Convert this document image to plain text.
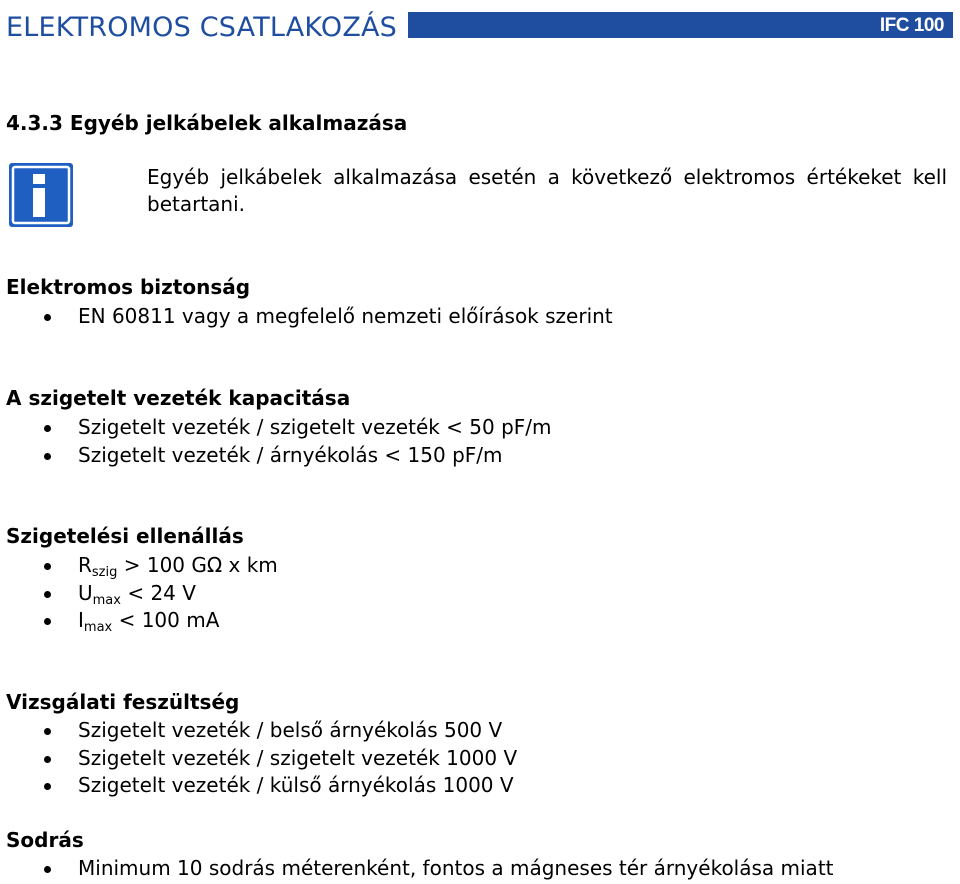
ELEKTROMOS CSATLAKOZÁS	IFC 100
4.3.3 Egyéb jelkábelek alkalmazása
Egyéb jelkábelek alkalmazása esetén a következő elektromos értékeket kell betartani.
Elektromos biztonság
EN 60811 vagy a megfelelő nemzeti előírások szerint
A szigetelt vezeték kapacitása
Szigetelt vezeték / szigetelt vezeték < 50 pF/m
Szigetelt vezeték / árnyékolás < 150 pF/m
Szigetelési ellenállás
$R_{szig} > 100$ GΩ x km
$U_{max} < 24$ V
$I_{max} < 100$ mA
Vizsgálati feszültség
Szigetelt vezeték / belső árnyékolás 500 V
Szigetelt vezeték / szigetelt vezeték 1000 V
Szigetelt vezeték / külső árnyékolás 1000 V
Sodrás
Minimum 10 sodrás méterenként, fontos a mágneses tér árnyékolása miatt
